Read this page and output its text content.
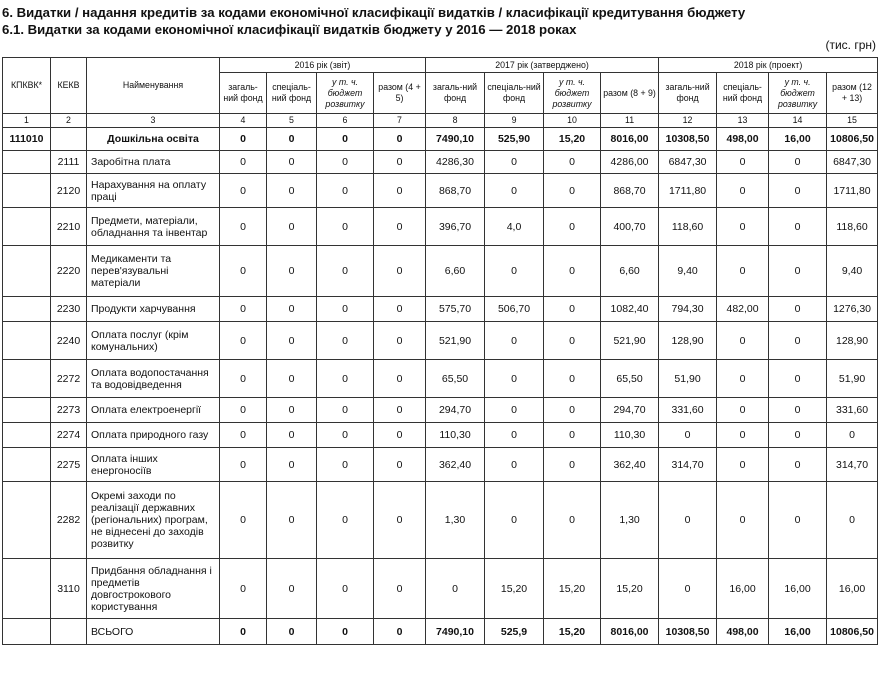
6. Видатки / надання кредитів за кодами економічної класифікації видатків / класифікації кредитування бюджету
6.1. Видатки за кодами економічної класифікації видатків бюджету у 2016 — 2018 роках
(тис. грн)
КПКВК*	КЕКВ	Найменування	2016 рік (звіт)				2017 рік (затверджено)				2018 рік (проект)			
			загаль-ний фонд	спеціаль-ний фонд	у т. ч. бюджет розвитку	разом (4 + 5)	загаль-ний фонд	спеціаль-ний фонд	у т. ч. бюджет розвитку	разом (8 + 9)	загаль-ний фонд	спеціаль-ний фонд	у т. ч. бюджет розвитку	разом (12 + 13)
1	2	3	4	5	6	7	8	9	10	11	12	13	14	15
111010		Дошкільна освіта	0	0	0	0	7490,10	525,90	15,20	8016,00	10308,50	498,00	16,00	10806,50
	2111	Заробітна плата	0	0	0	0	4286,30	0	0	4286,00	6847,30	0	0	6847,30
	2120	Нарахування на оплату праці	0	0	0	0	868,70	0	0	868,70	1711,80	0	0	1711,80
	2210	Предмети, матеріали, обладнання та інвентар	0	0	0	0	396,70	4,0	0	400,70	118,60	0	0	118,60
	2220	Медикаменти та перев'язувальні матеріали	0	0	0	0	6,60	0	0	6,60	9,40	0	0	9,40
	2230	Продукти харчування	0	0	0	0	575,70	506,70	0	1082,40	794,30	482,00	0	1276,30
	2240	Оплата послуг (крім комунальних)	0	0	0	0	521,90	0	0	521,90	128,90	0	0	128,90
	2272	Оплата водопостачання та водовідведення	0	0	0	0	65,50	0	0	65,50	51,90	0	0	51,90
	2273	Оплата електроенергії	0	0	0	0	294,70	0	0	294,70	331,60	0	0	331,60
	2274	Оплата природного газу	0	0	0	0	110,30	0	0	110,30	0	0	0	0
	2275	Оплата інших енергоносіїв	0	0	0	0	362,40	0	0	362,40	314,70	0	0	314,70
	2282	Окремі заходи по реалізації державних (регіональних) програм, не віднесені до заходів розвитку	0	0	0	0	1,30	0	0	1,30	0	0	0	0
	3110	Придбання обладнання і предметів довгострокового користування	0	0	0	0	0	15,20	15,20	15,20	0	16,00	16,00	16,00
		ВСЬОГО	0	0	0	0	7490,10	525,9	15,20	8016,00	10308,50	498,00	16,00	10806,50
